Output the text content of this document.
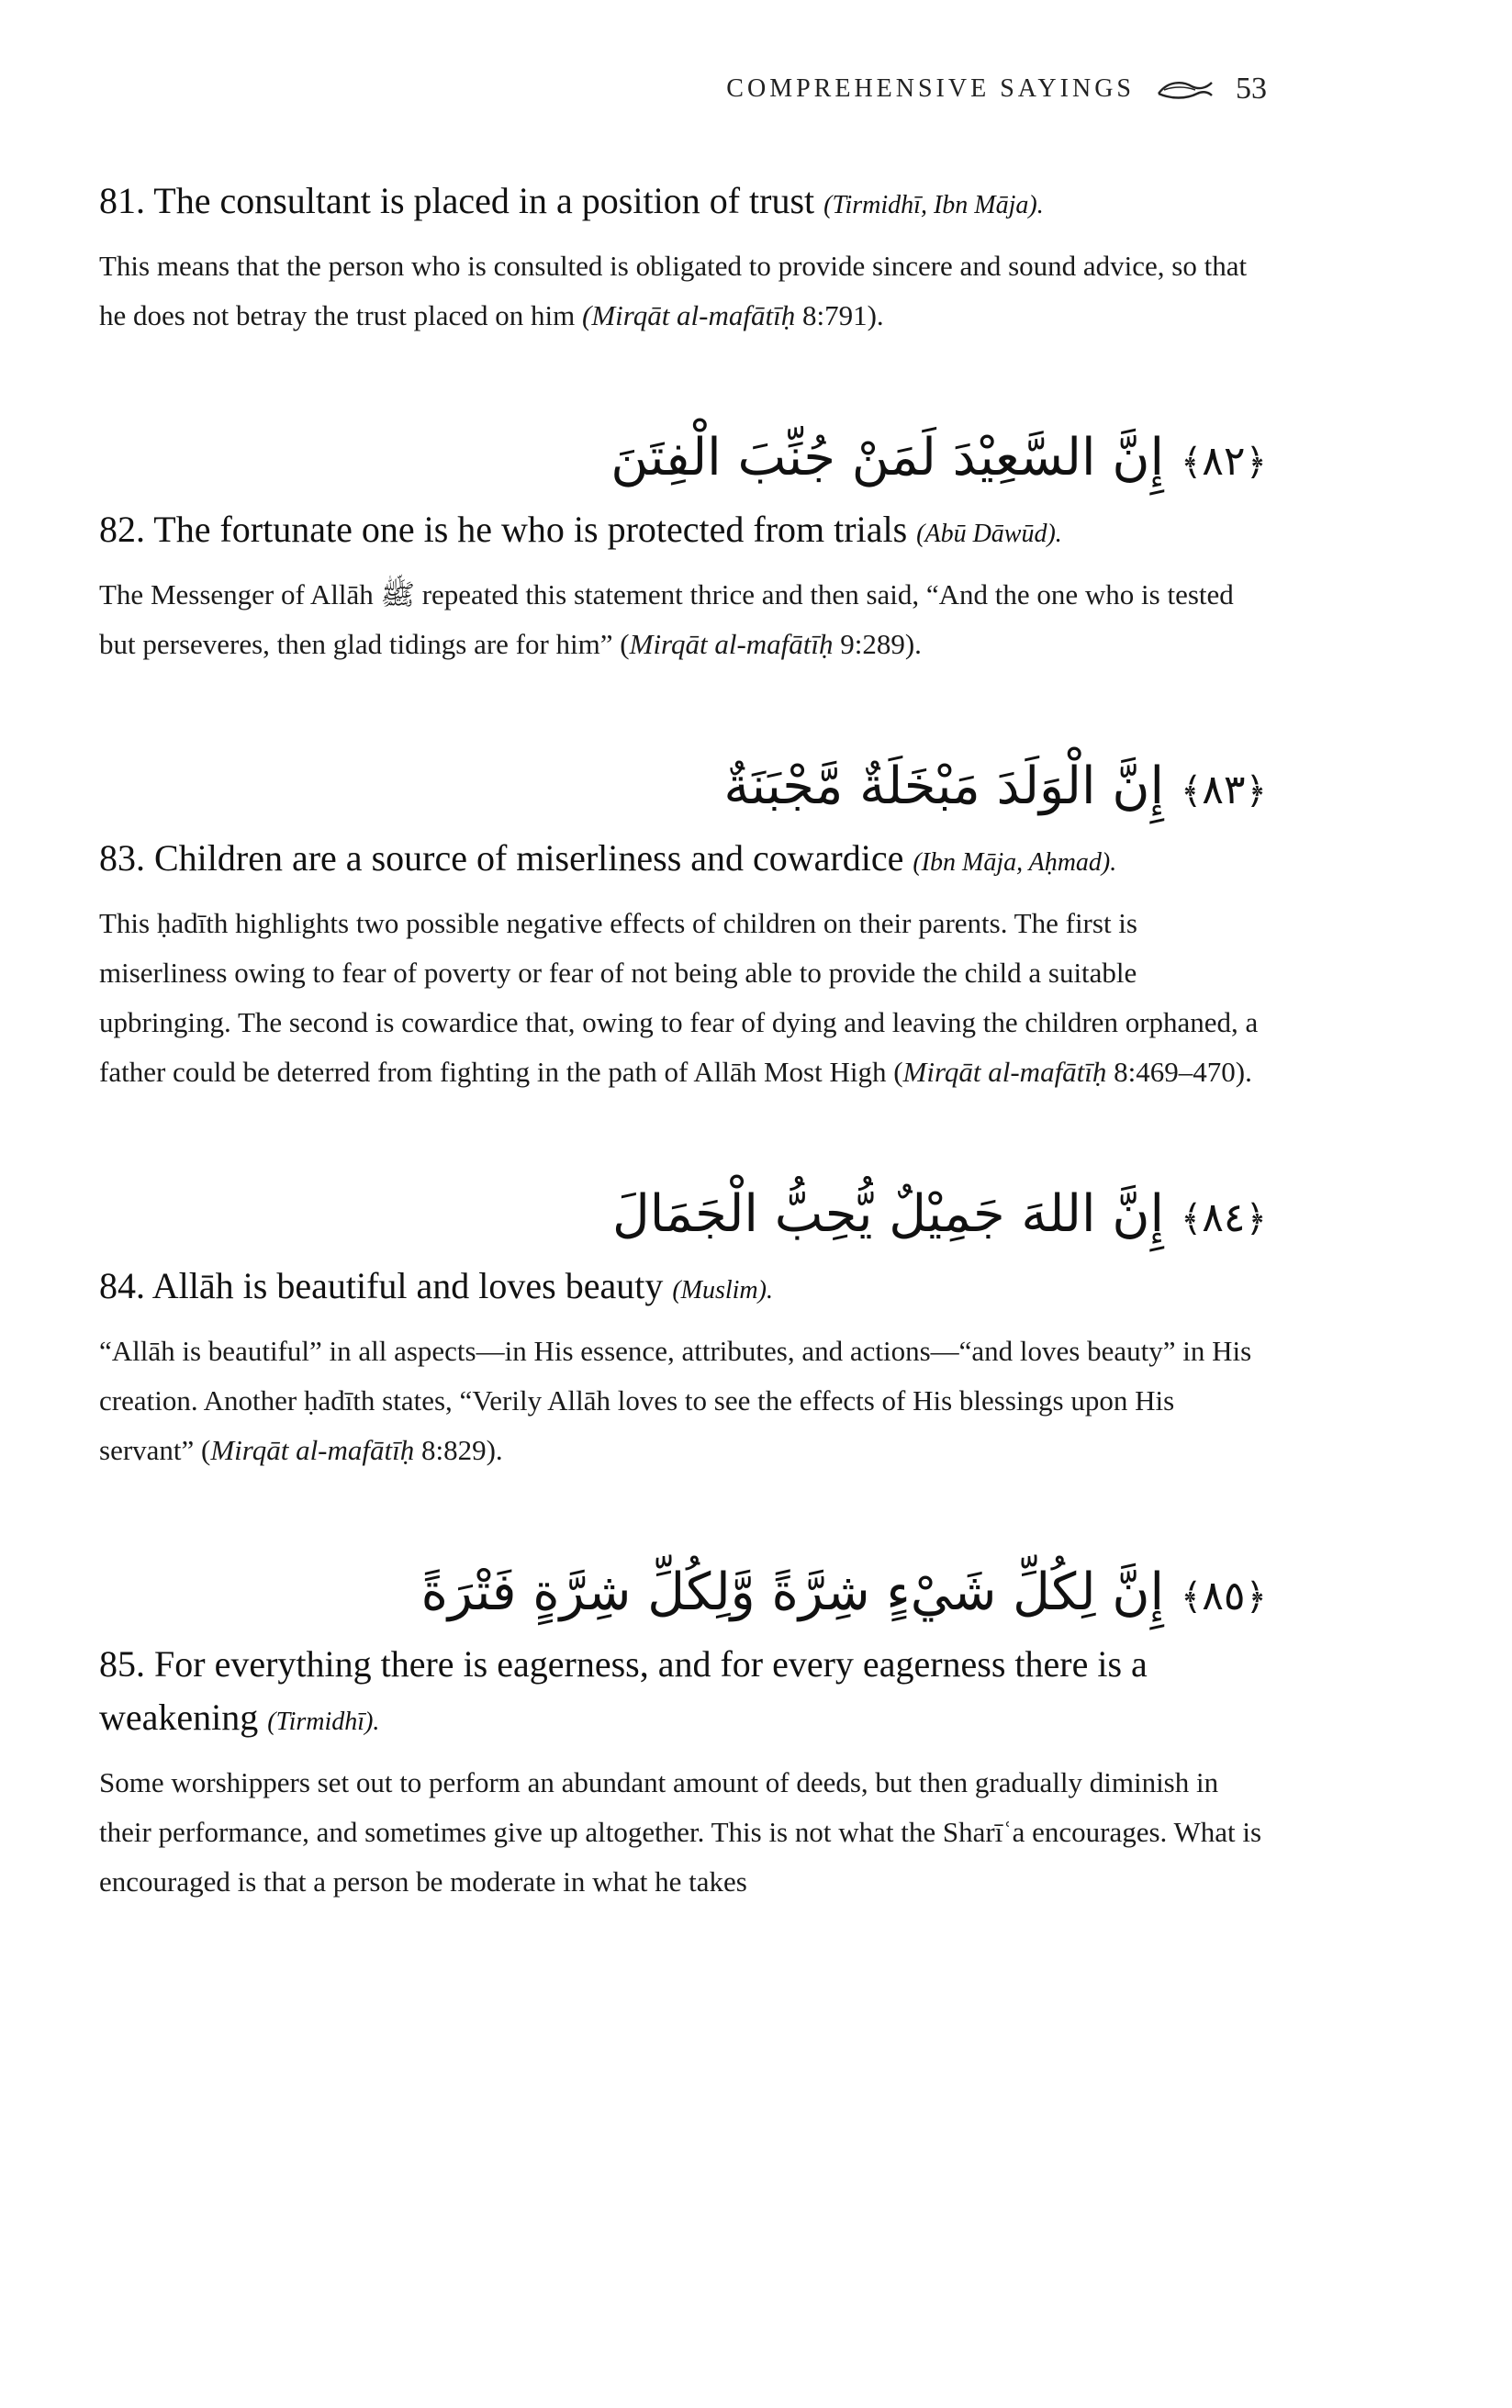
COMPREHENSIVE SAYINGS	53

81. The consultant is placed in a position of trust (Tirmidhī, Ibn Māja).

This means that the person who is consulted is obligated to provide sincere and sound advice, so that he does not betray the trust placed on him (Mirqāt al-mafātīḥ 8:791).

﴿٨٢﴾ إِنَّ السَّعِيْدَ لَمَنْ جُنِّبَ الْفِتَنَ

82. The fortunate one is he who is protected from trials (Abū Dāwūd).

The Messenger of Allāh ﷺ repeated this statement thrice and then said, “And the one who is tested but perseveres, then glad tidings are for him” (Mirqāt al-mafātīḥ 9:289).

﴿٨٣﴾ إِنَّ الْوَلَدَ مَبْخَلَةٌ مَّجْبَنَةٌ

83. Children are a source of miserliness and cowardice (Ibn Māja, Aḥmad).

This ḥadīth highlights two possible negative effects of children on their parents. The first is miserliness owing to fear of poverty or fear of not being able to provide the child a suitable upbringing. The second is cowardice that, owing to fear of dying and leaving the children orphaned, a father could be deterred from fighting in the path of Allāh Most High (Mirqāt al-mafātīḥ 8:469–470).

﴿٨٤﴾ إِنَّ اللهَ جَمِيْلٌ يُّحِبُّ الْجَمَالَ

84. Allāh is beautiful and loves beauty (Muslim).

“Allāh is beautiful” in all aspects—in His essence, attributes, and actions—“and loves beauty” in His creation. Another ḥadīth states, “Verily Allāh loves to see the effects of His blessings upon His servant” (Mirqāt al-mafātīḥ 8:829).

﴿٨٥﴾ إِنَّ لِكُلِّ شَيْءٍ شِرَّةً وَّلِكُلِّ شِرَّةٍ فَتْرَةً

85. For everything there is eagerness, and for every eagerness there is a weakening (Tirmidhī).

Some worshippers set out to perform an abundant amount of deeds, but then gradually diminish in their performance, and sometimes give up altogether. This is not what the Sharīʿa encourages. What is encouraged is that a person be moderate in what he takes
